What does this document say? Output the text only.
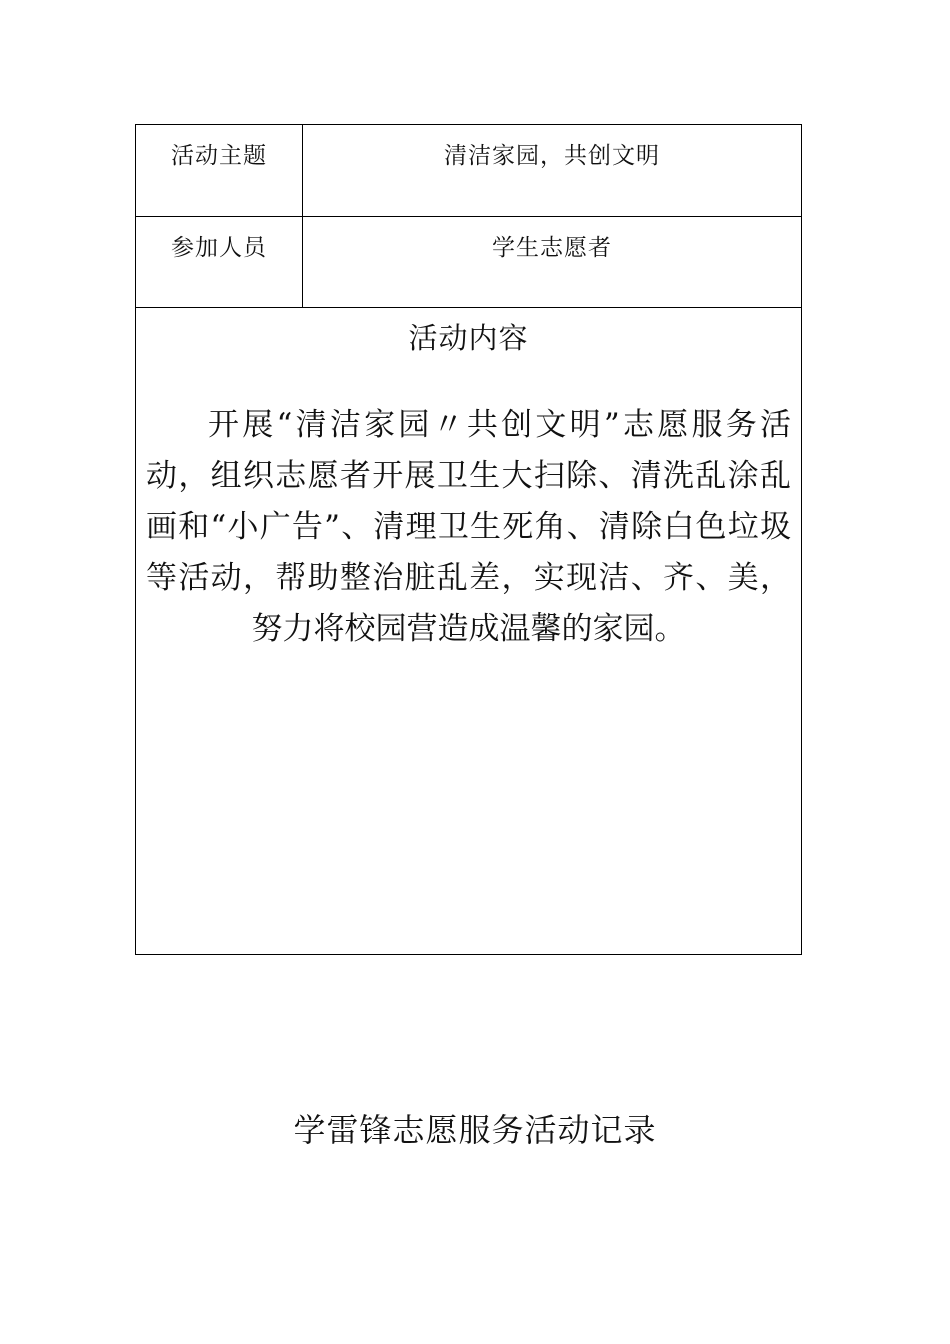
活动主题	清洁家园，共创文明
参加人员	学生志愿者
活动内容
开展“清洁家园〃共创文明”志愿服务活动，组织志愿者开展卫生大扫除、清洗乱涂乱画和“小广告”、清理卫生死角、清除白色垃圾等活动，帮助整治脏乱差，实现洁、齐、美，努力将校园营造成温馨的家园。
学雷锋志愿服务活动记录
